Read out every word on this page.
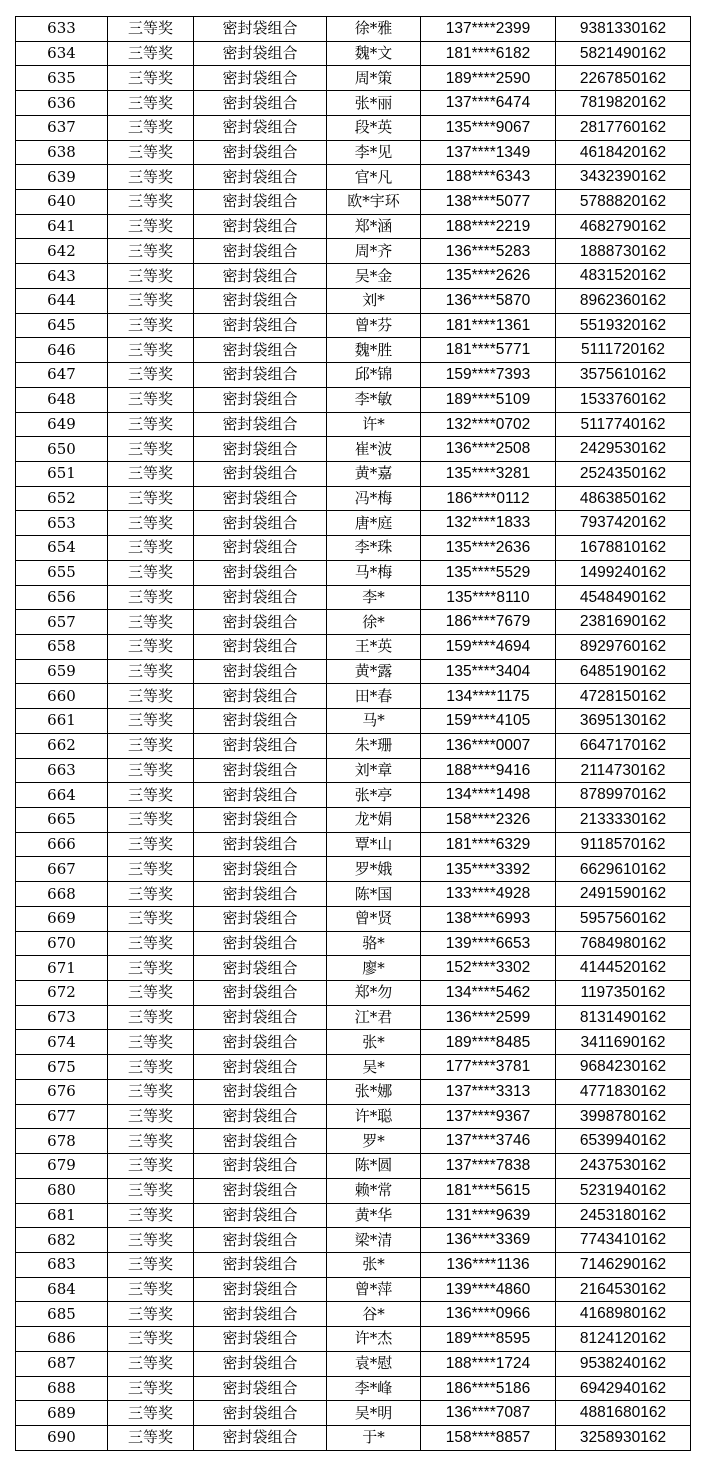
633	三等奖	密封袋组合	徐*雅	137****2399	9381330162
634	三等奖	密封袋组合	魏*文	181****6182	5821490162
635	三等奖	密封袋组合	周*策	189****2590	2267850162
636	三等奖	密封袋组合	张*丽	137****6474	7819820162
637	三等奖	密封袋组合	段*英	135****9067	2817760162
638	三等奖	密封袋组合	李*见	137****1349	4618420162
639	三等奖	密封袋组合	官*凡	188****6343	3432390162
640	三等奖	密封袋组合	欧*宇环	138****5077	5788820162
641	三等奖	密封袋组合	郑*涵	188****2219	4682790162
642	三等奖	密封袋组合	周*齐	136****5283	1888730162
643	三等奖	密封袋组合	吴*金	135****2626	4831520162
644	三等奖	密封袋组合	刘*	136****5870	8962360162
645	三等奖	密封袋组合	曾*芬	181****1361	5519320162
646	三等奖	密封袋组合	魏*胜	181****5771	5111720162
647	三等奖	密封袋组合	邱*锦	159****7393	3575610162
648	三等奖	密封袋组合	李*敏	189****5109	1533760162
649	三等奖	密封袋组合	许*	132****0702	5117740162
650	三等奖	密封袋组合	崔*波	136****2508	2429530162
651	三等奖	密封袋组合	黄*嘉	135****3281	2524350162
652	三等奖	密封袋组合	冯*梅	186****0112	4863850162
653	三等奖	密封袋组合	唐*庭	132****1833	7937420162
654	三等奖	密封袋组合	李*珠	135****2636	1678810162
655	三等奖	密封袋组合	马*梅	135****5529	1499240162
656	三等奖	密封袋组合	李*	135****8110	4548490162
657	三等奖	密封袋组合	徐*	186****7679	2381690162
658	三等奖	密封袋组合	王*英	159****4694	8929760162
659	三等奖	密封袋组合	黄*露	135****3404	6485190162
660	三等奖	密封袋组合	田*春	134****1175	4728150162
661	三等奖	密封袋组合	马*	159****4105	3695130162
662	三等奖	密封袋组合	朱*珊	136****0007	6647170162
663	三等奖	密封袋组合	刘*章	188****9416	2114730162
664	三等奖	密封袋组合	张*亭	134****1498	8789970162
665	三等奖	密封袋组合	龙*娟	158****2326	2133330162
666	三等奖	密封袋组合	覃*山	181****6329	9118570162
667	三等奖	密封袋组合	罗*娥	135****3392	6629610162
668	三等奖	密封袋组合	陈*国	133****4928	2491590162
669	三等奖	密封袋组合	曾*贤	138****6993	5957560162
670	三等奖	密封袋组合	骆*	139****6653	7684980162
671	三等奖	密封袋组合	廖*	152****3302	4144520162
672	三等奖	密封袋组合	郑*勿	134****5462	1197350162
673	三等奖	密封袋组合	江*君	136****2599	8131490162
674	三等奖	密封袋组合	张*	189****8485	3411690162
675	三等奖	密封袋组合	吴*	177****3781	9684230162
676	三等奖	密封袋组合	张*娜	137****3313	4771830162
677	三等奖	密封袋组合	许*聪	137****9367	3998780162
678	三等奖	密封袋组合	罗*	137****3746	6539940162
679	三等奖	密封袋组合	陈*圆	137****7838	2437530162
680	三等奖	密封袋组合	赖*常	181****5615	5231940162
681	三等奖	密封袋组合	黄*华	131****9639	2453180162
682	三等奖	密封袋组合	梁*清	136****3369	7743410162
683	三等奖	密封袋组合	张*	136****1136	7146290162
684	三等奖	密封袋组合	曾*萍	139****4860	2164530162
685	三等奖	密封袋组合	谷*	136****0966	4168980162
686	三等奖	密封袋组合	许*杰	189****8595	8124120162
687	三等奖	密封袋组合	袁*慰	188****1724	9538240162
688	三等奖	密封袋组合	李*峰	186****5186	6942940162
689	三等奖	密封袋组合	吴*明	136****7087	4881680162
690	三等奖	密封袋组合	于*	158****8857	3258930162
